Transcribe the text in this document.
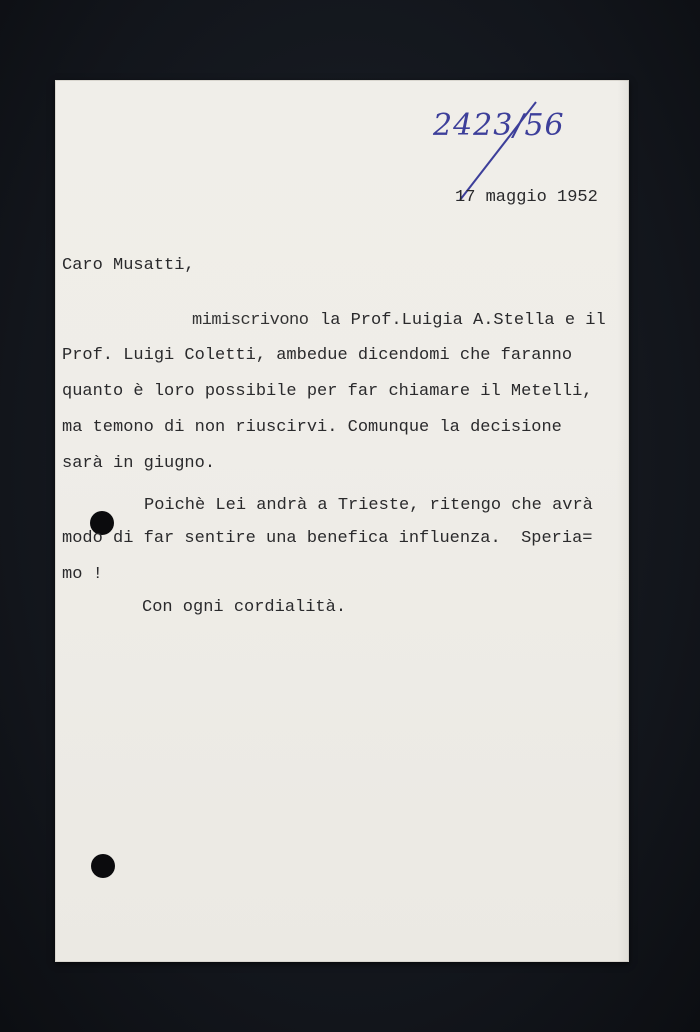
2423/56
17 maggio 1952
Caro Musatti,
mimiscrivono la Prof.Luigia A.Stella e il
Prof. Luigi Coletti, ambedue dicendomi che faranno
quanto è loro possibile per far chiamare il Metelli,
ma temono di non riuscirvi. Comunque la decisione
sarà in giugno.
Poichè Lei andrà a Trieste, ritengo che avrà
modo di far sentire una benefica influenza.  Speria=
mo !
Con ogni cordialità.
